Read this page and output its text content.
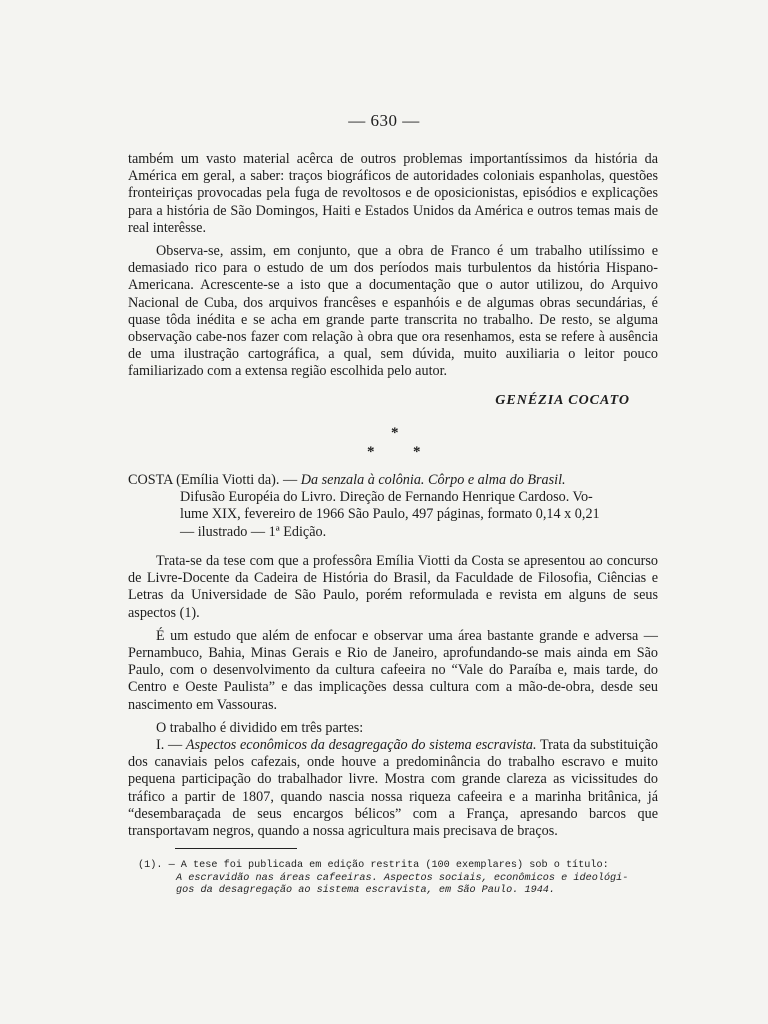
— 630 —

também um vasto material acêrca de outros problemas importantíssimos da história da América em geral, a saber: traços biográficos de autoridades coloniais espanholas, questões fronteiriças provocadas pela fuga de revoltosos e de oposicionistas, episódios e explicações para a história de São Domingos, Haiti e Estados Unidos da América e outros temas mais de real interêsse.

Observa-se, assim, em conjunto, que a obra de Franco é um trabalho utilíssimo e demasiado rico para o estudo de um dos períodos mais turbulentos da história Hispano-Americana. Acrescente-se a isto que a documentação que o autor utilizou, do Arquivo Nacional de Cuba, dos arquivos francêses e espanhóis e de algumas obras secundárias, é quase tôda inédita e se acha em grande parte transcrita no trabalho. De resto, se alguma observação cabe-nos fazer com relação à obra que ora resenhamos, esta se refere à ausência de uma ilustração cartográfica, a qual, sem dúvida, muito auxiliaria o leitor pouco familiarizado com a extensa região escolhida pelo autor.

GENÉZIA COCATO
*
*	*
COSTA (Emília Viotti da). — Da senzala à colônia. Côrpo e alma do Brasil.
Difusão Européia do Livro. Direção de Fernando Henrique Cardoso. Vo-
lume XIX, fevereiro de 1966 São Paulo, 497 páginas, formato 0,14 x 0,21
— ilustrado — 1ª Edição.

Trata-se da tese com que a professôra Emília Viotti da Costa se apresentou ao concurso de Livre-Docente da Cadeira de História do Brasil, da Faculdade de Filosofia, Ciências e Letras da Universidade de São Paulo, porém reformulada e revista em alguns de seus aspectos (1).

É um estudo que além de enfocar e observar uma área bastante grande e adversa — Pernambuco, Bahia, Minas Gerais e Rio de Janeiro, aprofundando-se mais ainda em São Paulo, com o desenvolvimento da cultura cafeeira no “Vale do Paraíba e, mais tarde, do Centro e Oeste Paulista” e das implicações dessa cultura com a mão-de-obra, desde seu nascimento em Vassouras.

O trabalho é dividido em três partes:

I. — Aspectos econômicos da desagregação do sistema escravista. Trata da substituição dos canaviais pelos cafezais, onde houve a predominância do trabalho escravo e muito pequena participação do trabalhador livre. Mostra com grande clareza as vicissitudes do tráfico a partir de 1807, quando nascia nossa riqueza cafeeira e a marinha britânica, já “desembaraçada de seus encargos bélicos” com a França, apresando barcos que transportavam negros, quando a nossa agricultura mais precisava de braços.

(1). — A tese foi publicada em edição restrita (100 exemplares) sob o título:
A escravidão nas áreas cafeeiras. Aspectos sociais, econômicos e ideológi-
gos da desagregação ao sistema escravista, em São Paulo. 1944.
